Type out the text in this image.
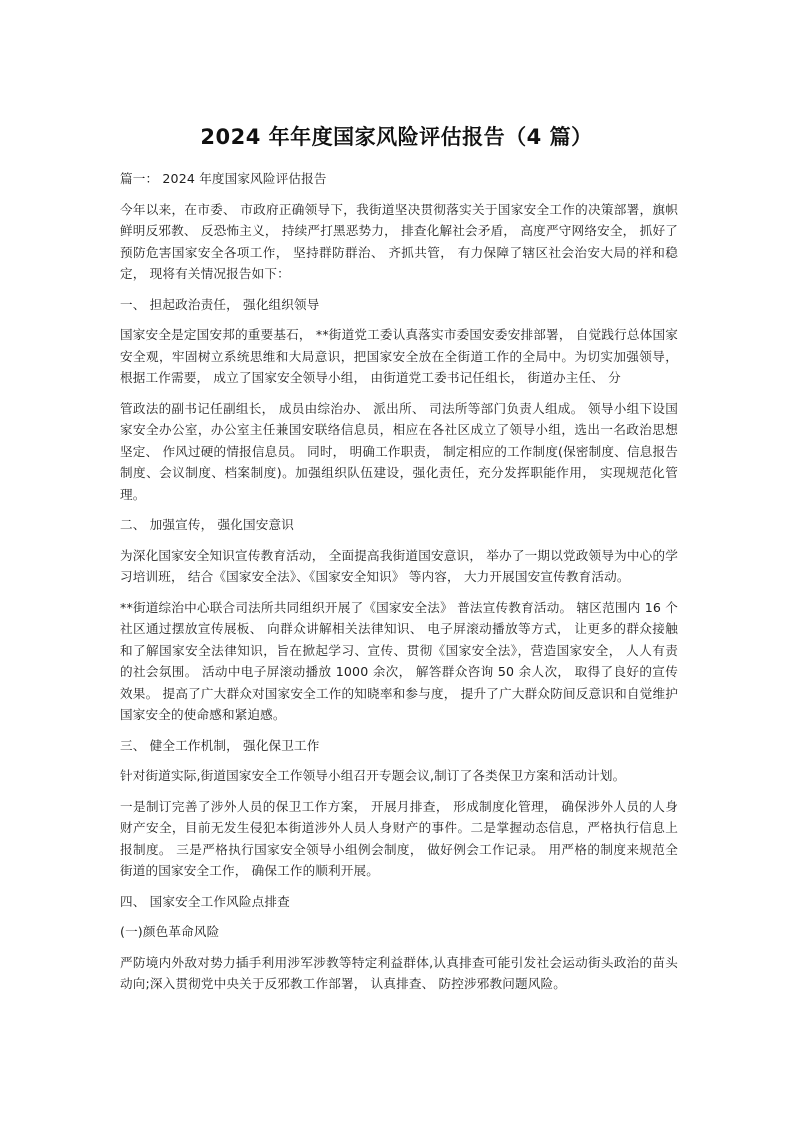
2024 年年度国家风险评估报告（4 篇）

篇一： 2024 年度国家风险评估报告

今年以来，在市委、 市政府正确领导下，我街道坚决贯彻落实关于国家安全工作的决策部署，旗帜鲜明反邪教、 反恐怖主义， 持续严打黑恶势力， 排查化解社会矛盾， 高度严守网络安全， 抓好了预防危害国家安全各项工作， 坚持群防群治、 齐抓共管， 有力保障了辖区社会治安大局的祥和稳定， 现将有关情况报告如下：

一、 担起政治责任， 强化组织领导

国家安全是定国安邦的重要基石， **街道党工委认真落实市委国安委安排部署， 自觉践行总体国家安全观，牢固树立系统思维和大局意识，把国家安全放在全街道工作的全局中。为切实加强领导， 根据工作需要， 成立了国家安全领导小组， 由街道党工委书记任组长， 街道办主任、 分

管政法的副书记任副组长， 成员由综治办、 派出所、 司法所等部门负责人组成。 领导小组下设国家安全办公室，办公室主任兼国安联络信息员，相应在各社区成立了领导小组，选出一名政治思想坚定、 作风过硬的情报信息员。 同时， 明确工作职责， 制定相应的工作制度(保密制度、信息报告制度、会议制度、档案制度)。加强组织队伍建设，强化责任，充分发挥职能作用， 实现规范化管理。

二、 加强宣传， 强化国安意识

为深化国家安全知识宣传教育活动， 全面提高我街道国安意识， 举办了一期以党政领导为中心的学习培训班， 结合《国家安全法》、《国家安全知识》 等内容， 大力开展国安宣传教育活动。

**街道综治中心联合司法所共同组织开展了《国家安全法》 普法宣传教育活动。 辖区范围内 16 个社区通过摆放宣传展板、 向群众讲解相关法律知识、 电子屏滚动播放等方式， 让更多的群众接触和了解国家安全法律知识，旨在掀起学习、宣传、贯彻《国家安全法》，营造国家安全， 人人有责的社会氛围。 活动中电子屏滚动播放 1000 余次， 解答群众咨询 50 余人次， 取得了良好的宣传效果。 提高了广大群众对国家安全工作的知晓率和参与度， 提升了广大群众防间反意识和自觉维护国家安全的使命感和紧迫感。

三、 健全工作机制， 强化保卫工作

针对街道实际,街道国家安全工作领导小组召开专题会议,制订了各类保卫方案和活动计划。

一是制订完善了涉外人员的保卫工作方案， 开展月排查， 形成制度化管理， 确保涉外人员的人身财产安全，目前无发生侵犯本街道涉外人员人身财产的事件。二是掌握动态信息，严格执行信息上报制度。 三是严格执行国家安全领导小组例会制度， 做好例会工作记录。 用严格的制度来规范全街道的国家安全工作， 确保工作的顺利开展。

四、 国家安全工作风险点排查

(一)颜色革命风险

严防境内外敌对势力插手利用涉军涉教等特定利益群体,认真排查可能引发社会运动街头政治的苗头动向;深入贯彻党中央关于反邪教工作部署， 认真排查、 防控涉邪教问题风险。
